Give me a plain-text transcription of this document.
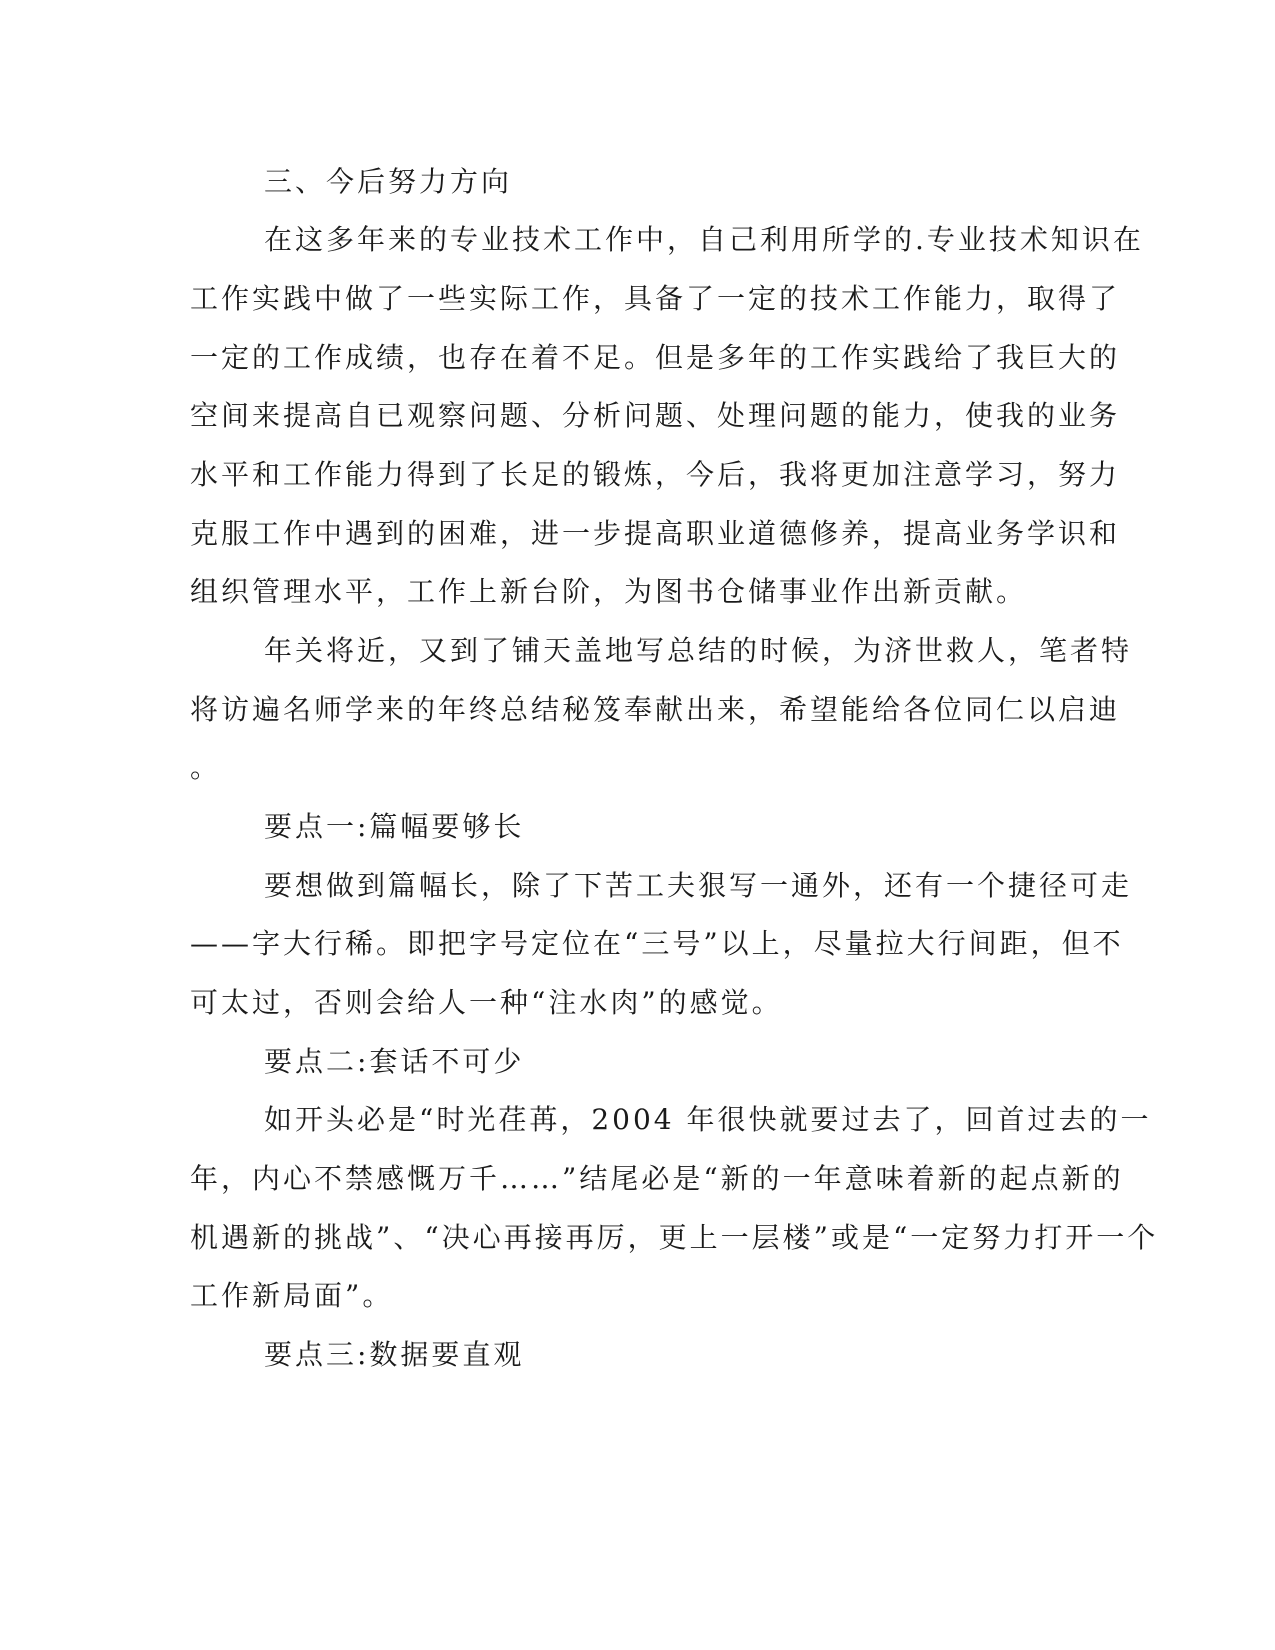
三、今后努力方向
在这多年来的专业技术工作中，自己利用所学的.专业技术知识在
工作实践中做了一些实际工作，具备了一定的技术工作能力，取得了
一定的工作成绩，也存在着不足。但是多年的工作实践给了我巨大的
空间来提高自已观察问题、分析问题、处理问题的能力，使我的业务
水平和工作能力得到了长足的锻炼，今后，我将更加注意学习，努力
克服工作中遇到的困难，进一步提高职业道德修养，提高业务学识和
组织管理水平，工作上新台阶，为图书仓储事业作出新贡献。
年关将近，又到了铺天盖地写总结的时候，为济世救人，笔者特
将访遍名师学来的年终总结秘笈奉献出来，希望能给各位同仁以启迪
。
要点一:篇幅要够长
要想做到篇幅长，除了下苦工夫狠写一通外，还有一个捷径可走
——字大行稀。即把字号定位在“三号”以上，尽量拉大行间距，但不
可太过，否则会给人一种“注水肉”的感觉。
要点二:套话不可少
如开头必是“时光荏苒，2004 年很快就要过去了，回首过去的一
年，内心不禁感慨万千……”结尾必是“新的一年意味着新的起点新的
机遇新的挑战”、“决心再接再厉，更上一层楼”或是“一定努力打开一个
工作新局面”。
要点三:数据要直观
